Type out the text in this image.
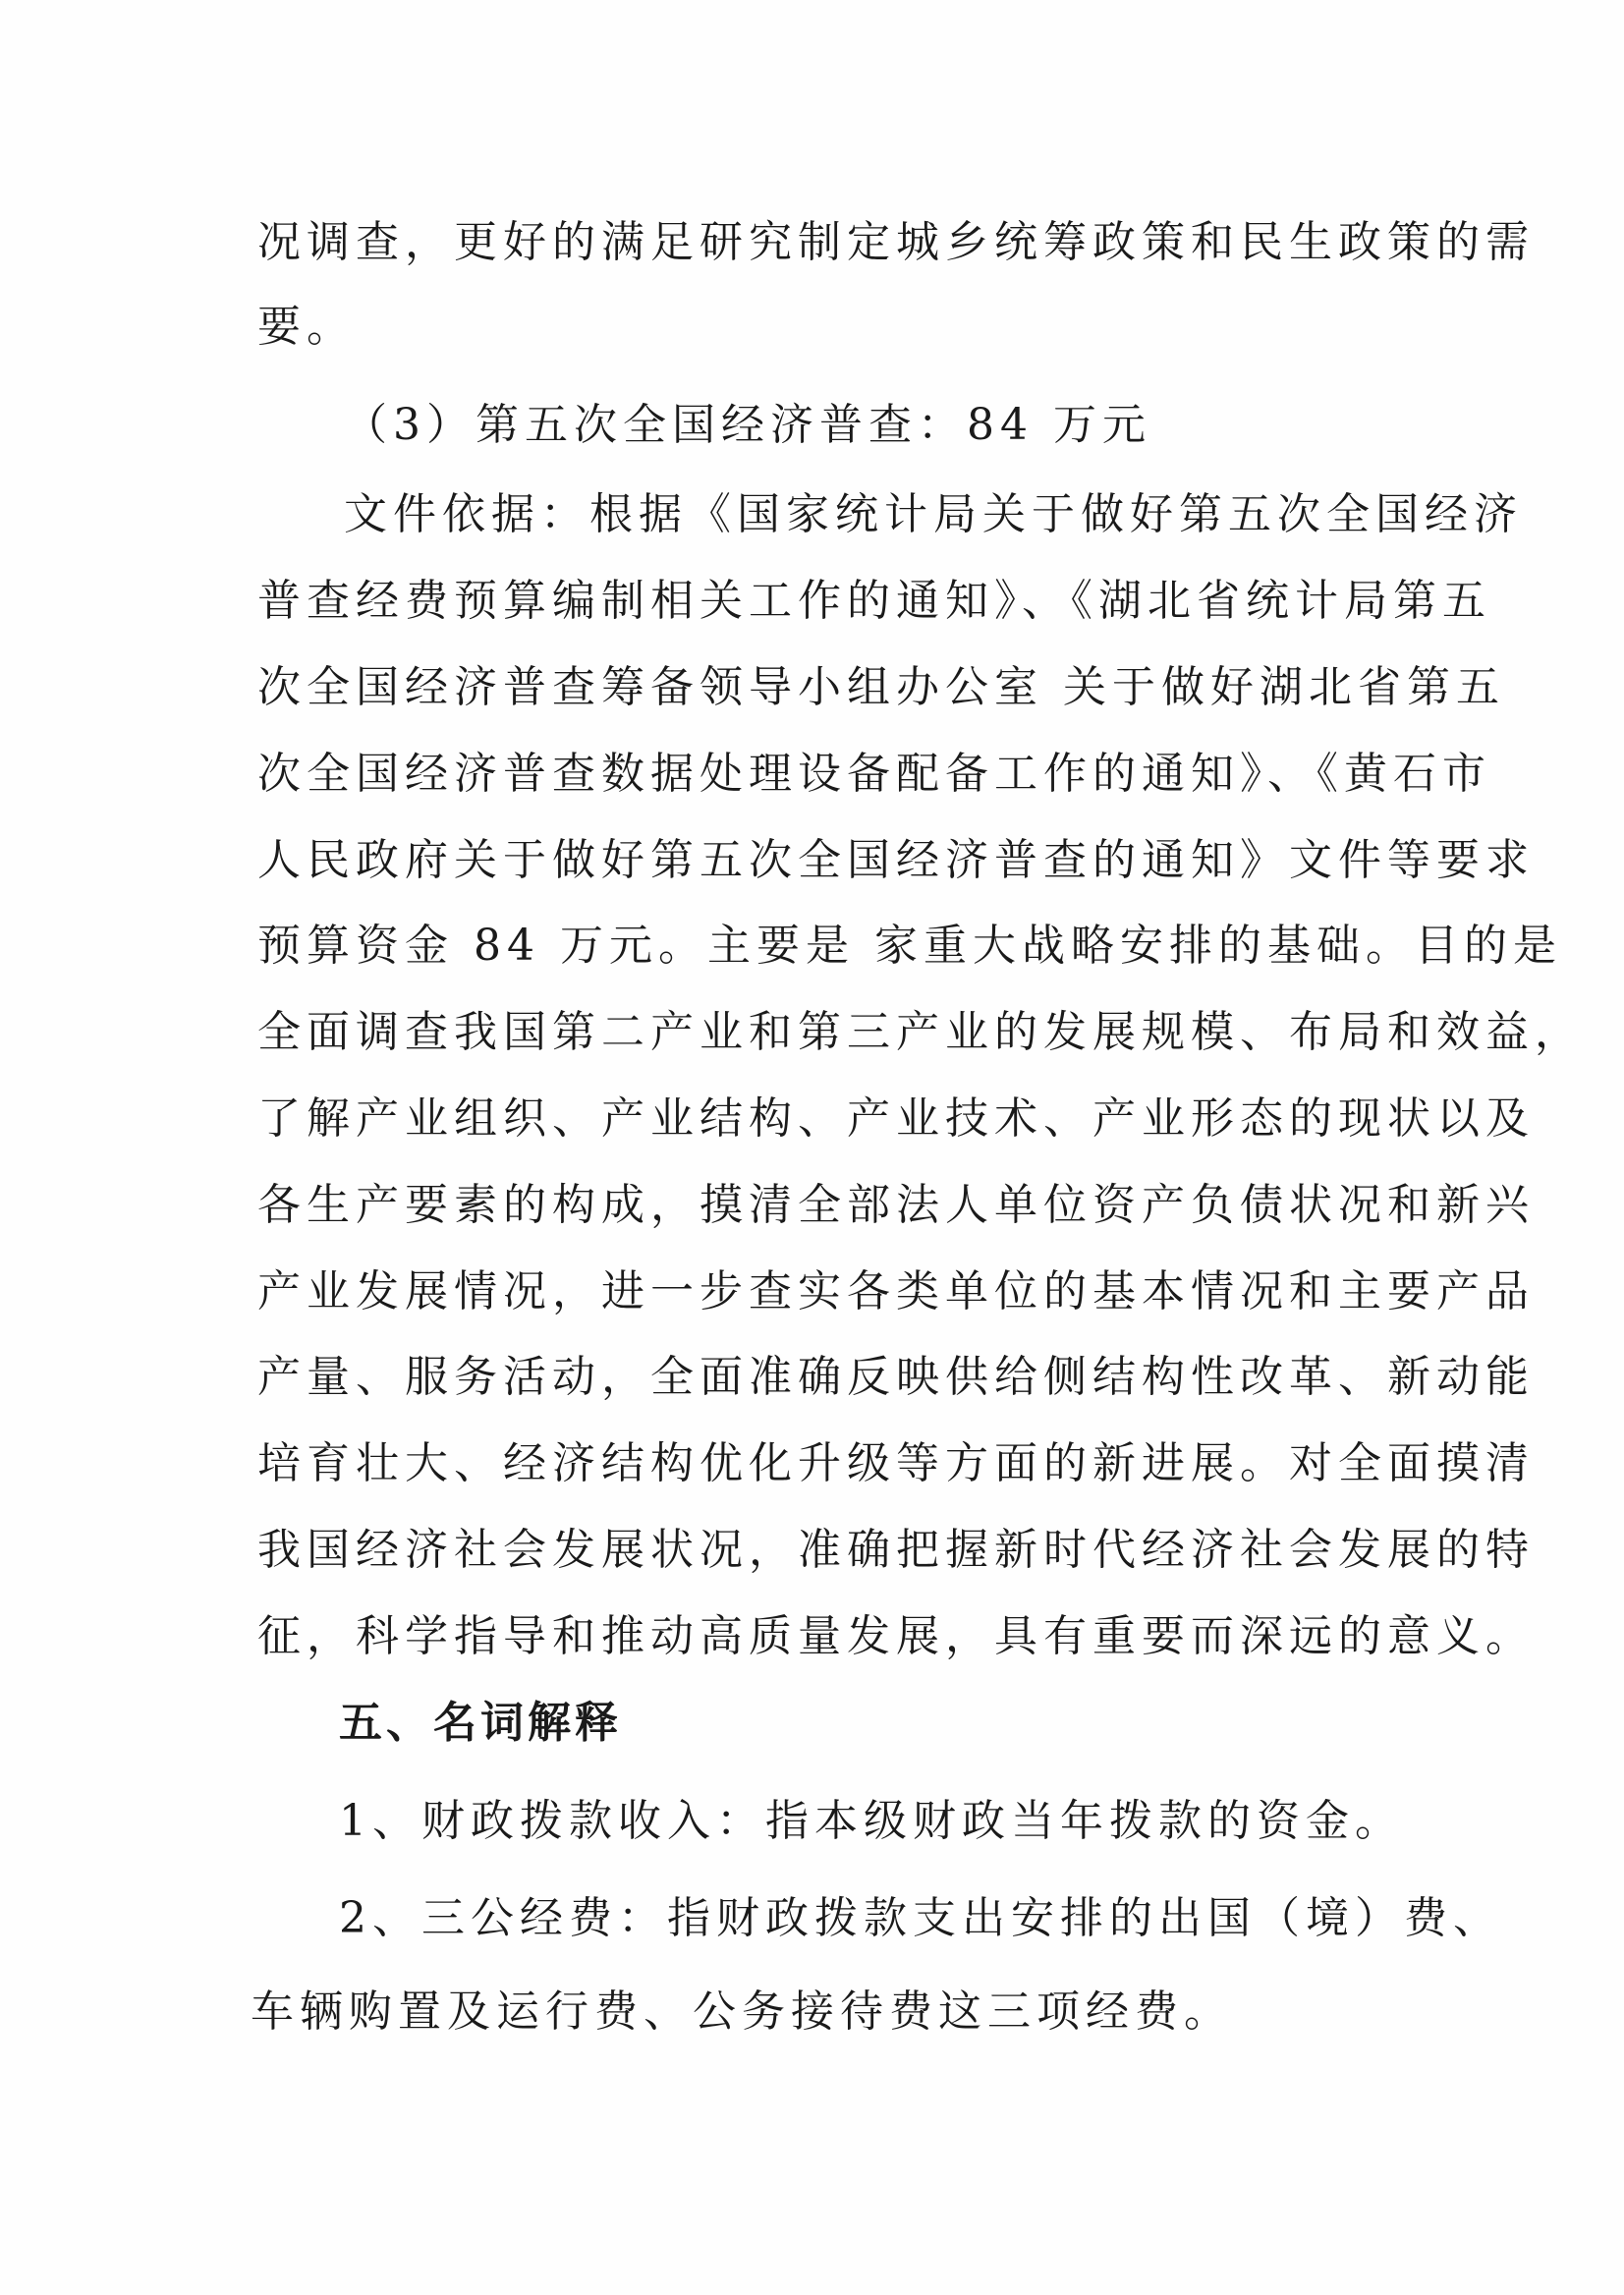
况调查，更好的满足研究制定城乡统筹政策和民生政策的需
要。
（3）第五次全国经济普查：84 万元
文件依据：根据《国家统计局关于做好第五次全国经济
普查经费预算编制相关工作的通知》、《湖北省统计局第五
次全国经济普查筹备领导小组办公室 关于做好湖北省第五
次全国经济普查数据处理设备配备工作的通知》、《黄石市
人民政府关于做好第五次全国经济普查的通知》文件等要求
预算资金 84 万元。主要是 家重大战略安排的基础。目的是
全面调查我国第二产业和第三产业的发展规模、布局和效益，
了解产业组织、产业结构、产业技术、产业形态的现状以及
各生产要素的构成，摸清全部法人单位资产负债状况和新兴
产业发展情况，进一步查实各类单位的基本情况和主要产品
产量、服务活动，全面准确反映供给侧结构性改革、新动能
培育壮大、经济结构优化升级等方面的新进展。对全面摸清
我国经济社会发展状况，准确把握新时代经济社会发展的特
征，科学指导和推动高质量发展，具有重要而深远的意义。
五、名词解释
1、财政拨款收入：指本级财政当年拨款的资金。
2、三公经费：指财政拨款支出安排的出国（境）费、
车辆购置及运行费、公务接待费这三项经费。
